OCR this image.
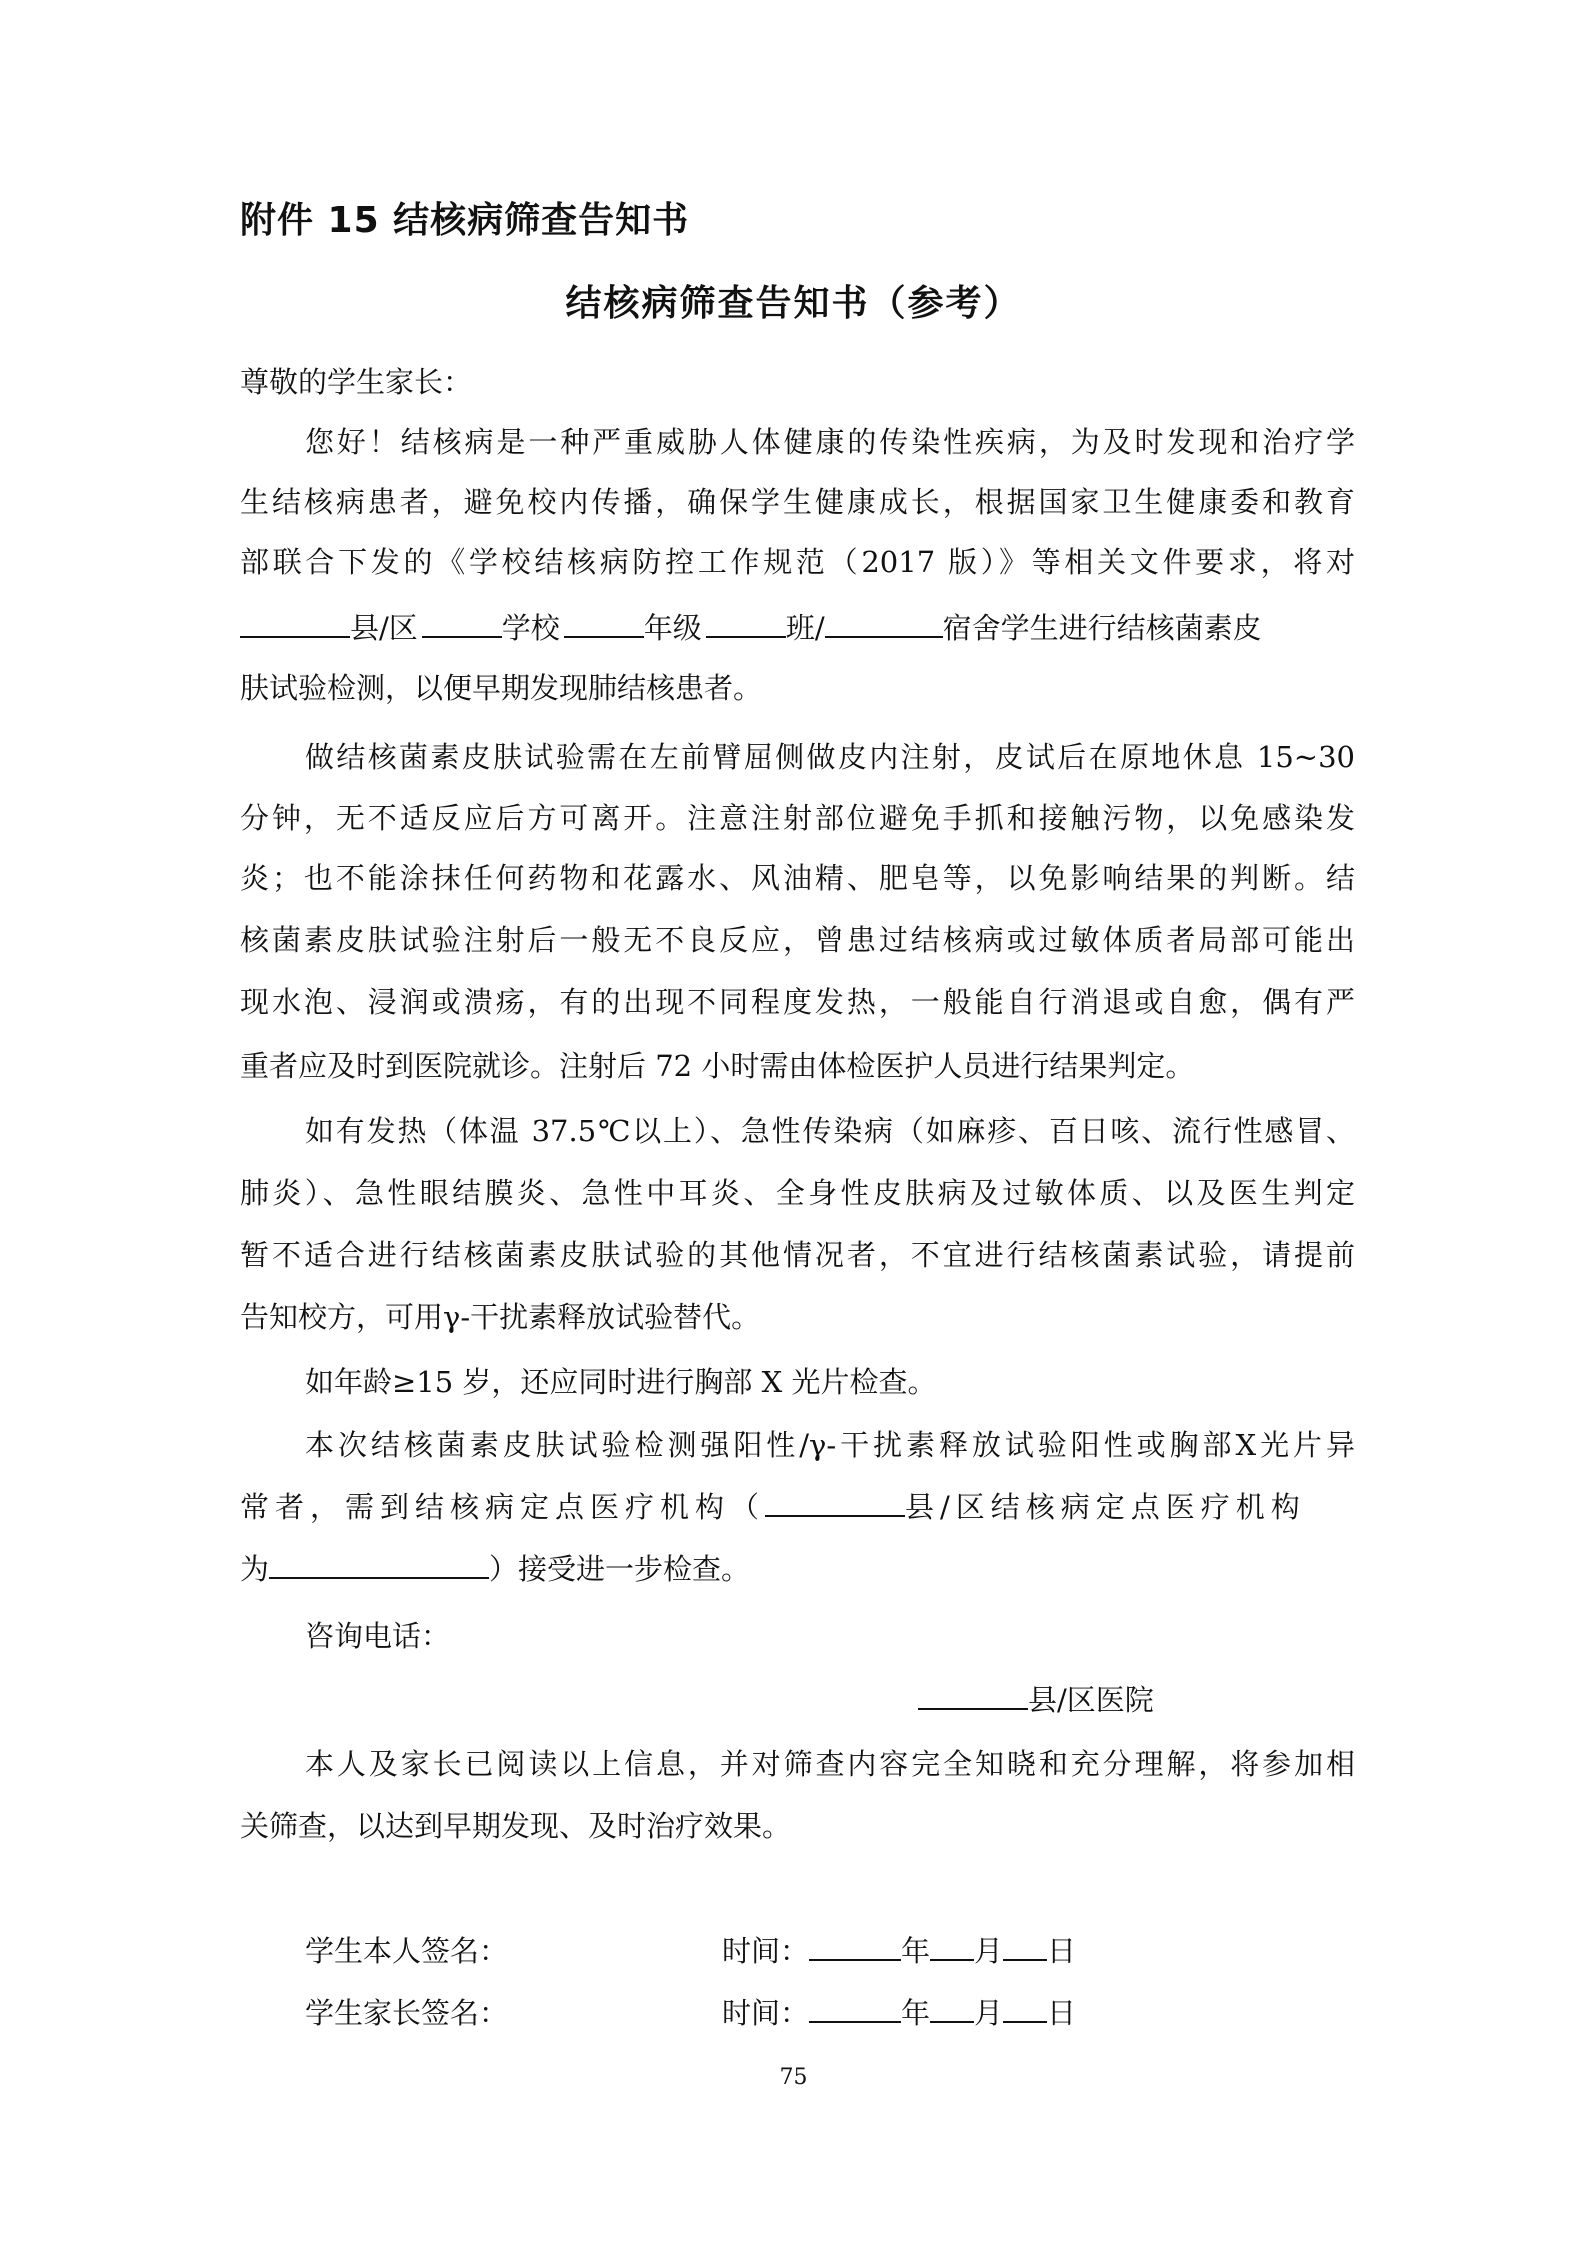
附件 15 结核病筛查告知书
结核病筛查告知书（参考）
尊敬的学生家长：
您好！结核病是一种严重威胁人体健康的传染性疾病，为及时发现和治疗学
生结核病患者，避免校内传播，确保学生健康成长，根据国家卫生健康委和教育
部联合下发的《学校结核病防控工作规范（2017 版）》等相关文件要求，将对
县/区	学校	年级	班/	宿舍学生进行结核菌素皮
肤试验检测，以便早期发现肺结核患者。
做结核菌素皮肤试验需在左前臂屈侧做皮内注射，皮试后在原地休息 15~30
分钟，无不适反应后方可离开。注意注射部位避免手抓和接触污物，以免感染发
炎；也不能涂抹任何药物和花露水、风油精、肥皂等，以免影响结果的判断。结
核菌素皮肤试验注射后一般无不良反应，曾患过结核病或过敏体质者局部可能出
现水泡、浸润或溃疡，有的出现不同程度发热，一般能自行消退或自愈，偶有严
重者应及时到医院就诊。注射后 72 小时需由体检医护人员进行结果判定。
如有发热（体温 37.5℃以上）、急性传染病（如麻疹、百日咳、流行性感冒、
肺炎）、急性眼结膜炎、急性中耳炎、全身性皮肤病及过敏体质、以及医生判定
暂不适合进行结核菌素皮肤试验的其他情况者，不宜进行结核菌素试验，请提前
告知校方，可用γ-干扰素释放试验替代。
如年龄≥15 岁，还应同时进行胸部 X 光片检查。
本次结核菌素皮肤试验检测强阳性/γ-干扰素释放试验阳性或胸部X光片异
常者，需到结核病定点医疗机构（	县/区结核病定点医疗机构
为	）接受进一步检查。
咨询电话：
县/区医院
本人及家长已阅读以上信息，并对筛查内容完全知晓和充分理解，将参加相
关筛查，以达到早期发现、及时治疗效果。
学生本人签名：	时间：	年 月 日
学生家长签名：	时间：	年 月 日
75
